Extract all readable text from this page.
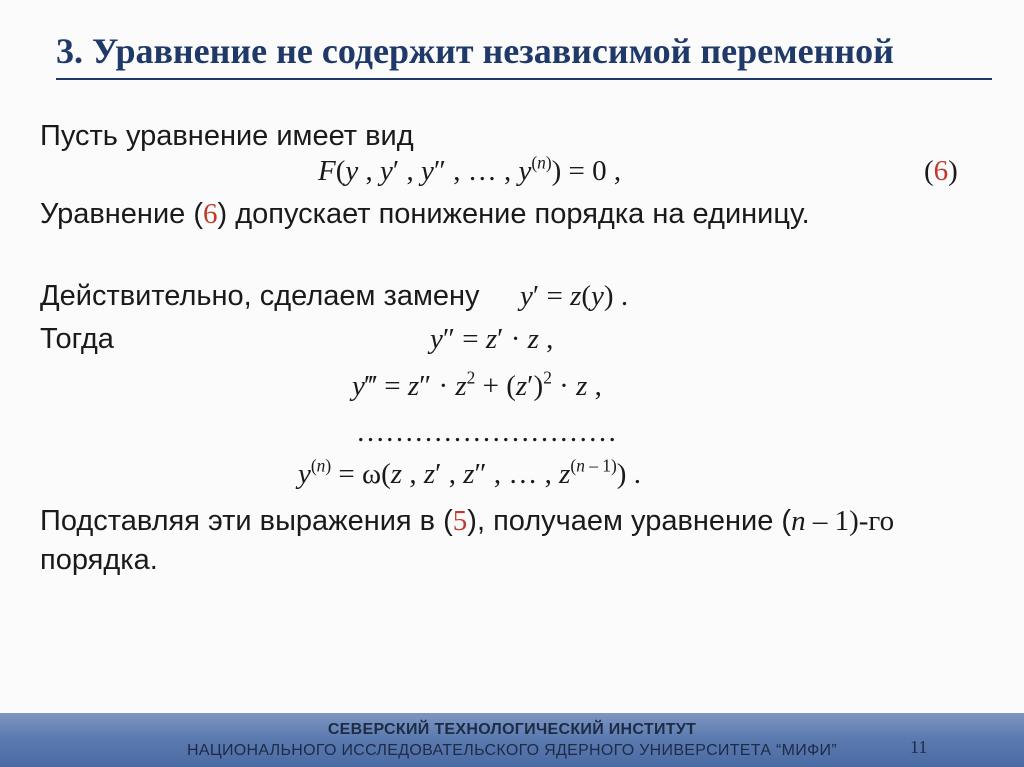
3. Уравнение не содержит независимой переменной
Пусть уравнение имеет вид
F(y , y′ , y″ , … , $y^{(n)}) = 0$ ,	(6)
Уравнение (6) допускает понижение порядка на единицу.
Действительно, сделаем замену y′ = z(y) .
Тогда	y″ = z′ · z ,
y‴ = $z'' \cdot z^2 + (z')^2 \cdot z$ ,
………………………
$y^{(n)} = \omega(z$ , z′ , z″ , … , $z^{(n - 1)}$) .
Подставляя эти выражения в (5), получаем уравнение (n – 1)-го
порядка.
СЕВЕРСКИЙ ТЕХНОЛОГИЧЕСКИЙ ИНСТИТУТ
НАЦИОНАЛЬНОГО ИССЛЕДОВАТЕЛЬСКОГО ЯДЕРНОГО УНИВЕРСИТЕТА “МИФИ”	11
